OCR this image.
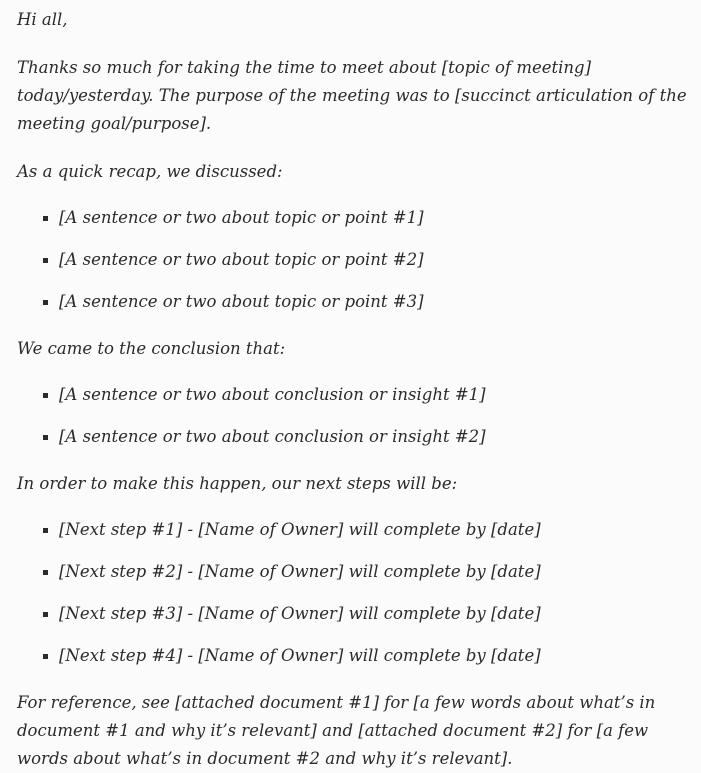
Hi all,

Thanks so much for taking the time to meet about [topic of meeting] today/yesterday. The purpose of the meeting was to [succinct articulation of the meeting goal/purpose].

As a quick recap, we discussed:

[A sentence or two about topic or point #1]
[A sentence or two about topic or point #2]
[A sentence or two about topic or point #3]

We came to the conclusion that:

[A sentence or two about conclusion or insight #1]
[A sentence or two about conclusion or insight #2]

In order to make this happen, our next steps will be:

[Next step #1] - [Name of Owner] will complete by [date]
[Next step #2] - [Name of Owner] will complete by [date]
[Next step #3] - [Name of Owner] will complete by [date]
[Next step #4] - [Name of Owner] will complete by [date]

For reference, see [attached document #1] for [a few words about what’s in document #1 and why it’s relevant] and [attached document #2] for [a few words about what’s in document #2 and why it’s relevant].
